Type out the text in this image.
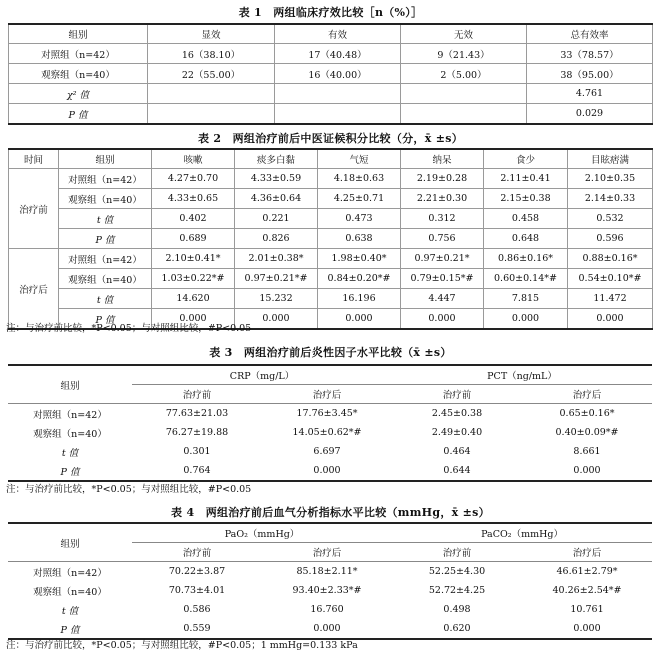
表 1　两组临床疗效比较［n（%）］
组别	显效	有效	无效	总有效率
对照组（n=42）	16（38.10）	17（40.48）	9（21.43）	33（78.57）
观察组（n=40）	22（55.00）	16（40.00）	2（5.00）	38（95.00）
χ² 值				4.761
P 值				0.029
表 2　两组治疗前后中医证候积分比较（分，x̄ ±s）
时间	组别	咳嗽	痰多白黏	气短	纳呆	食少	目眩痞满
治疗前	对照组（n=42）	4.27±0.70	4.33±0.59	4.18±0.63	2.19±0.28	2.11±0.41	2.10±0.35
	观察组（n=40）	4.33±0.65	4.36±0.64	4.25±0.71	2.21±0.30	2.15±0.38	2.14±0.33
	t 值	0.402	0.221	0.473	0.312	0.458	0.532
	P 值	0.689	0.826	0.638	0.756	0.648	0.596
治疗后	对照组（n=42）	2.10±0.41*	2.01±0.38*	1.98±0.40*	0.97±0.21*	0.86±0.16*	0.88±0.16*
	观察组（n=40）	1.03±0.22*#	0.97±0.21*#	0.84±0.20*#	0.79±0.15*#	0.60±0.14*#	0.54±0.10*#
	t 值	14.620	15.232	16.196	4.447	7.815	11.472
	P 值	0.000	0.000	0.000	0.000	0.000	0.000
注：与治疗前比较，*P<0.05；与对照组比较，#P<0.05
表 3　两组治疗前后炎性因子水平比较（x̄ ±s）
组别	CRP（mg/L）		PCT（ng/mL）	
	治疗前	治疗后	治疗前	治疗后
对照组（n=42）	77.63±21.03	17.76±3.45*	2.45±0.38	0.65±0.16*
观察组（n=40）	76.27±19.88	14.05±0.62*#	2.49±0.40	0.40±0.09*#
t 值	0.301	6.697	0.464	8.661
P 值	0.764	0.000	0.644	0.000
注：与治疗前比较，*P<0.05；与对照组比较，#P<0.05
表 4　两组治疗前后血气分析指标水平比较（mmHg，x̄ ±s）
组别	PaO₂（mmHg）		PaCO₂（mmHg）	
	治疗前	治疗后	治疗前	治疗后
对照组（n=42）	70.22±3.87	85.18±2.11*	52.25±4.30	46.61±2.79*
观察组（n=40）	70.73±4.01	93.40±2.33*#	52.72±4.25	40.26±2.54*#
t 值	0.586	16.760	0.498	10.761
P 值	0.559	0.000	0.620	0.000
注：与治疗前比较，*P<0.05；与对照组比较，#P<0.05；1 mmHg=0.133 kPa
